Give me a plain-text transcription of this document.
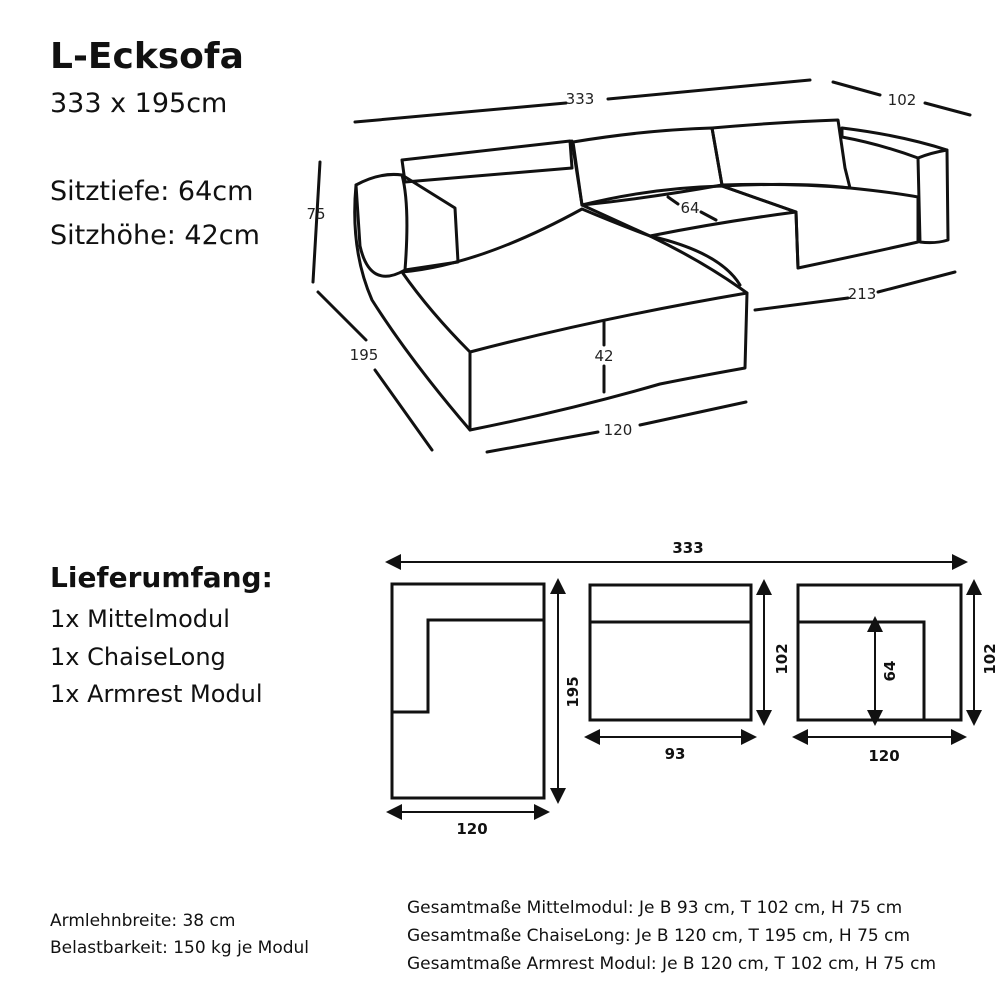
L-Ecksofa
333 x 195cm
Sitztiefe: 64cm
Sitzhöhe: 42cm
Lieferumfang:
1x Mittelmodul
1x ChaiseLong
1x Armrest Modul
333	102
75
195
64
42
213
120
333
195
120
102
93
64	102
120
Armlehnbreite: 38 cm
Belastbarkeit: 150 kg je Modul
Gesamtmaße Mittelmodul: Je B 93 cm, T 102 cm, H 75 cm
Gesamtmaße ChaiseLong: Je B 120 cm, T 195 cm, H 75 cm
Gesamtmaße Armrest Modul: Je B 120 cm, T 102 cm, H 75 cm
